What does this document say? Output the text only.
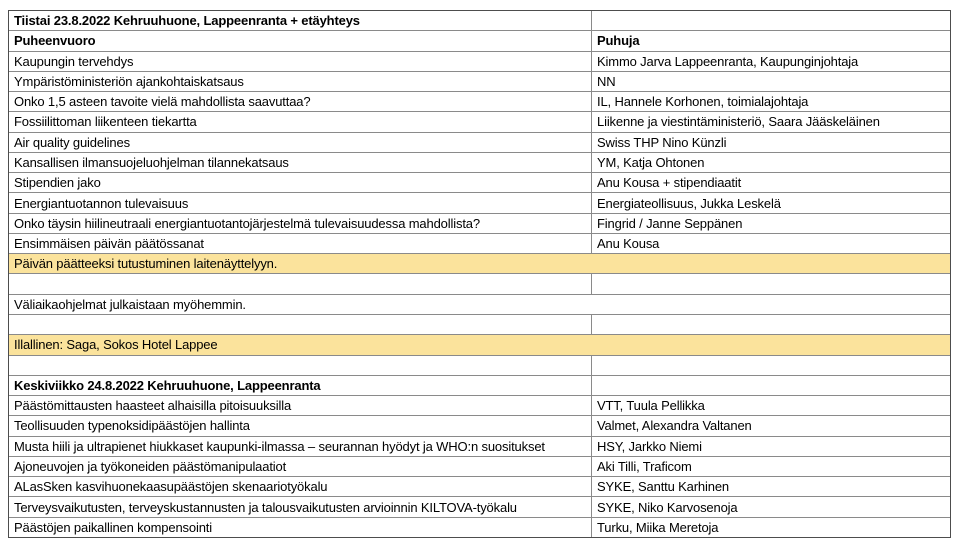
Tiistai 23.8.2022 Kehruuhuone, Lappeenranta + etäyhteys
Puheenvuoro	Puhuja
Kaupungin tervehdys	Kimmo Jarva Lappeenranta, Kaupunginjohtaja
Ympäristöministeriön ajankohtaiskatsaus	NN
Onko 1,5 asteen tavoite vielä mahdollista saavuttaa?	IL, Hannele Korhonen, toimialajohtaja
Fossiilittoman liikenteen tiekartta	Liikenne ja viestintäministeriö, Saara Jääskeläinen
Air quality guidelines	Swiss THP Nino Künzli
Kansallisen ilmansuojeluohjelman tilannekatsaus	YM, Katja Ohtonen
Stipendien jako	Anu Kousa + stipendiaatit
Energiantuotannon tulevaisuus	Energiateollisuus, Jukka Leskelä
Onko täysin hiilineutraali energiantuotantojärjestelmä tulevaisuudessa mahdollista?	Fingrid / Janne Seppänen
Ensimmäisen päivän päätössanat	Anu Kousa
Päivän päätteeksi tutustuminen laitenäyttelyyn.
Väliaikaohjelmat julkaistaan myöhemmin.
Illallinen: Saga, Sokos Hotel Lappee
Keskiviikko 24.8.2022 Kehruuhuone, Lappeenranta
Päästömittausten haasteet alhaisilla pitoisuuksilla	VTT, Tuula Pellikka
Teollisuuden typenoksidipäästöjen hallinta	Valmet, Alexandra Valtanen
Musta hiili ja ultrapienet hiukkaset kaupunki-ilmassa – seurannan hyödyt ja WHO:n suositukset	HSY, Jarkko Niemi
Ajoneuvojen ja työkoneiden päästömanipulaatiot	Aki Tilli, Traficom
ALasSken kasvihuonekaasupäästöjen skenaariotyökalu	SYKE, Santtu Karhinen
Terveysvaikutusten, terveyskustannusten ja talousvaikutusten arvioinnin KILTOVA-työkalu	SYKE, Niko Karvosenoja
Päästöjen paikallinen kompensointi	Turku, Miika Meretoja
